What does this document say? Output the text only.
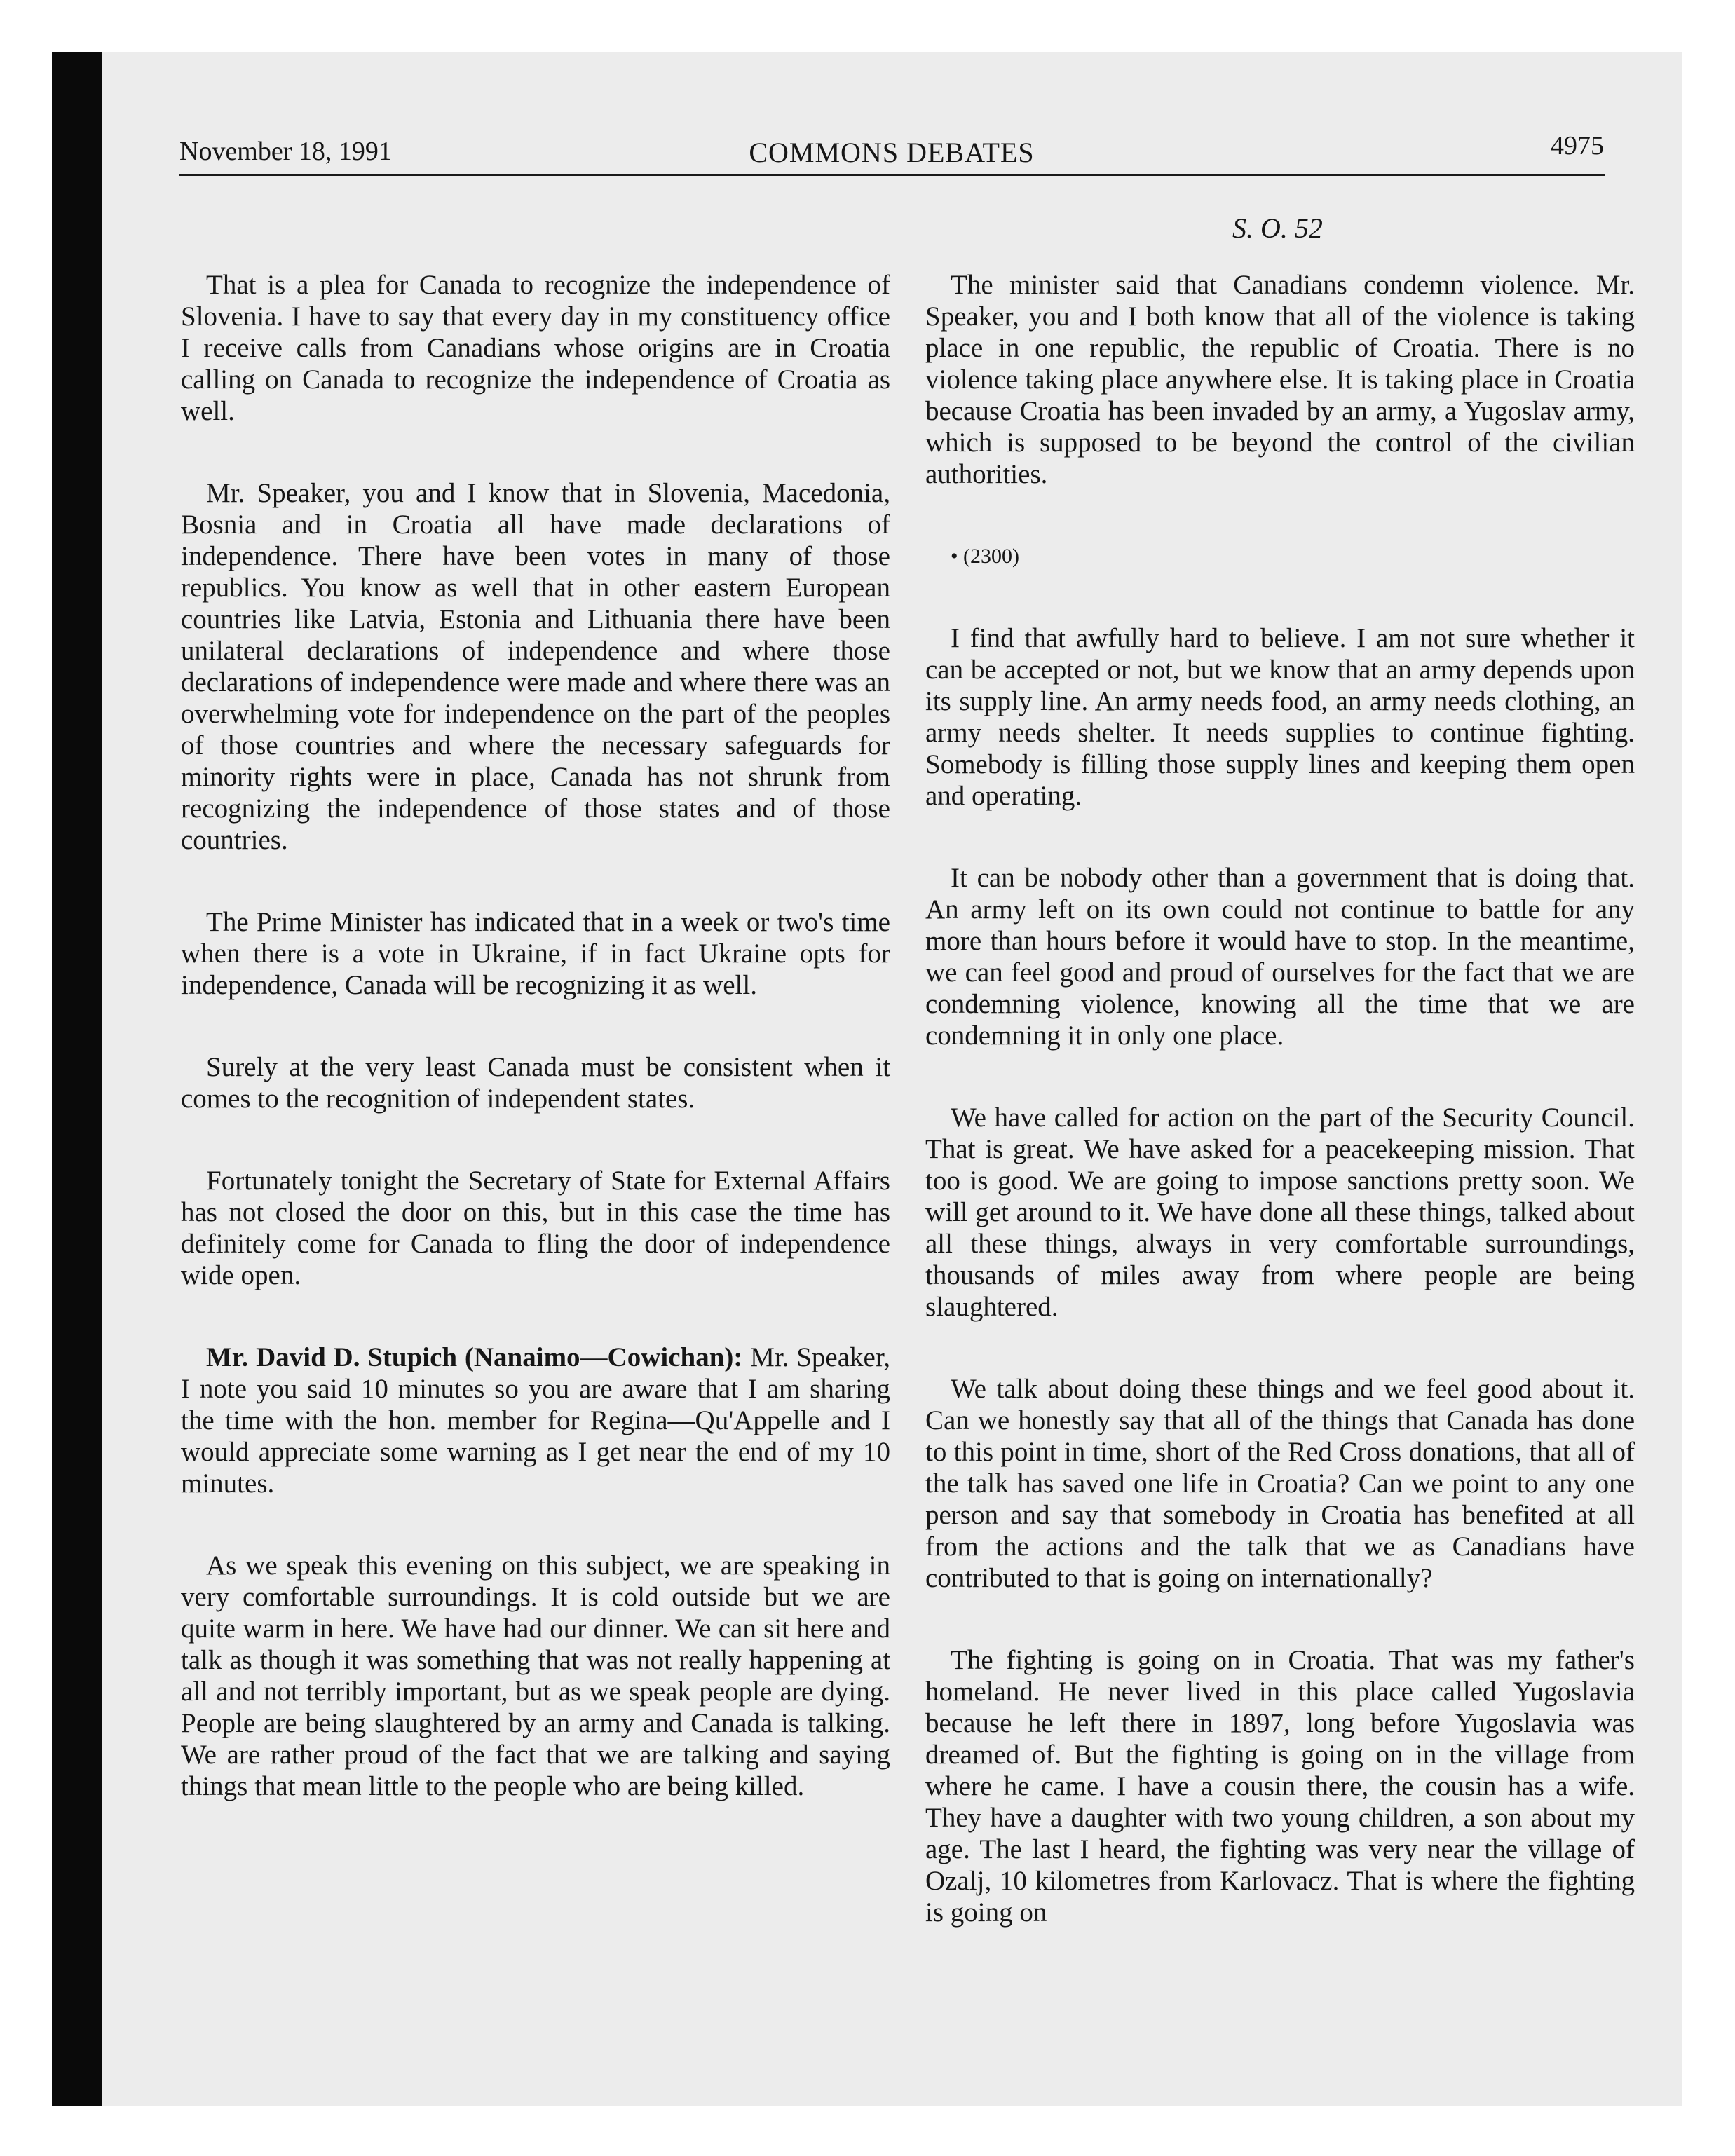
November 18, 1991	COMMONS DEBATES	4975
S. O. 52

That is a plea for Canada to recognize the independence of Slovenia. I have to say that every day in my constituency office I receive calls from Canadians whose origins are in Croatia calling on Canada to recognize the independence of Croatia as well.

Mr. Speaker, you and I know that in Slovenia, Macedonia, Bosnia and in Croatia all have made declarations of independence. There have been votes in many of those republics. You know as well that in other eastern European countries like Latvia, Estonia and Lithuania there have been unilateral declarations of independence and where those declarations of independence were made and where there was an overwhelming vote for independence on the part of the peoples of those countries and where the necessary safeguards for minority rights were in place, Canada has not shrunk from recognizing the independence of those states and of those countries.

The Prime Minister has indicated that in a week or two's time when there is a vote in Ukraine, if in fact Ukraine opts for independence, Canada will be recognizing it as well.

Surely at the very least Canada must be consistent when it comes to the recognition of independent states.

Fortunately tonight the Secretary of State for External Affairs has not closed the door on this, but in this case the time has definitely come for Canada to fling the door of independence wide open.

Mr. David D. Stupich (Nanaimo—Cowichan): Mr. Speaker, I note you said 10 minutes so you are aware that I am sharing the time with the hon. member for Regina—Qu'Appelle and I would appreciate some warning as I get near the end of my 10 minutes.

As we speak this evening on this subject, we are speaking in very comfortable surroundings. It is cold outside but we are quite warm in here. We have had our dinner. We can sit here and talk as though it was something that was not really happening at all and not terribly important, but as we speak people are dying. People are being slaughtered by an army and Canada is talking. We are rather proud of the fact that we are talking and saying things that mean little to the people who are being killed.

The minister said that Canadians condemn violence. Mr. Speaker, you and I both know that all of the violence is taking place in one republic, the republic of Croatia. There is no violence taking place anywhere else. It is taking place in Croatia because Croatia has been invaded by an army, a Yugoslav army, which is supposed to be beyond the control of the civilian authorities.

• (2300)

I find that awfully hard to believe. I am not sure whether it can be accepted or not, but we know that an army depends upon its supply line. An army needs food, an army needs clothing, an army needs shelter. It needs supplies to continue fighting. Somebody is filling those supply lines and keeping them open and operating.

It can be nobody other than a government that is doing that. An army left on its own could not continue to battle for any more than hours before it would have to stop. In the meantime, we can feel good and proud of ourselves for the fact that we are condemning violence, knowing all the time that we are condemning it in only one place.

We have called for action on the part of the Security Council. That is great. We have asked for a peacekeeping mission. That too is good. We are going to impose sanctions pretty soon. We will get around to it. We have done all these things, talked about all these things, always in very comfortable surroundings, thousands of miles away from where people are being slaughtered.

We talk about doing these things and we feel good about it. Can we honestly say that all of the things that Canada has done to this point in time, short of the Red Cross donations, that all of the talk has saved one life in Croatia? Can we point to any one person and say that somebody in Croatia has benefited at all from the actions and the talk that we as Canadians have contributed to that is going on internationally?

The fighting is going on in Croatia. That was my father's homeland. He never lived in this place called Yugoslavia because he left there in 1897, long before Yugoslavia was dreamed of. But the fighting is going on in the village from where he came. I have a cousin there, the cousin has a wife. They have a daughter with two young children, a son about my age. The last I heard, the fighting was very near the village of Ozalj, 10 kilometres from Karlovacz. That is where the fighting is going on
